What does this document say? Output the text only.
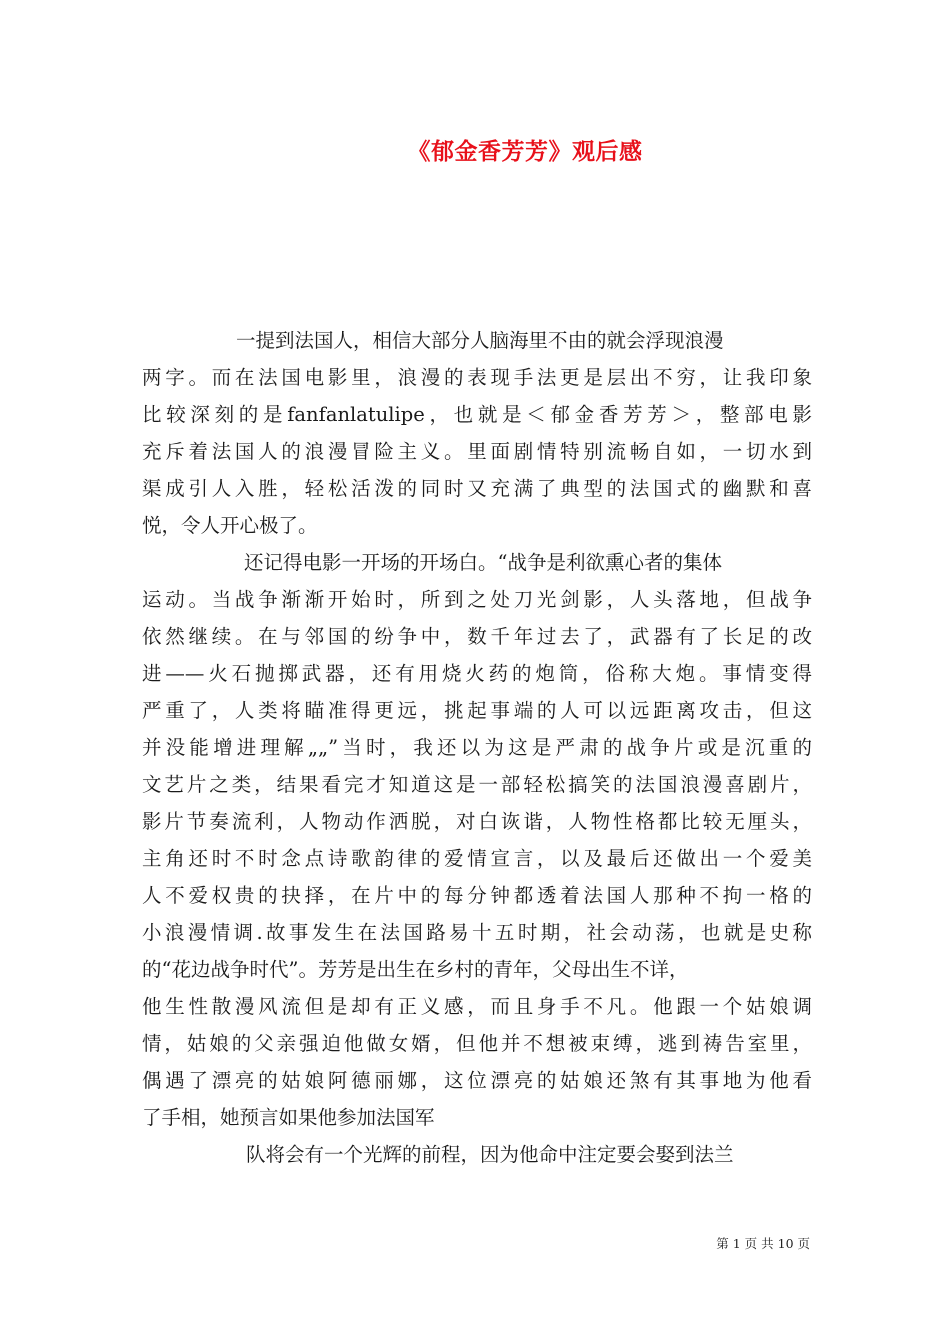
《郁金香芳芳》观后感
一提到法国人，相信大部分人脑海里不由的就会浮现浪漫
两字。而在法国电影里，浪漫的表现手法更是层出不穷，让我印象
比较深刻的是fanfanlatulipe，也就是＜郁金香芳芳＞，整部电影
充斥着法国人的浪漫冒险主义。里面剧情特别流畅自如，一切水到
渠成引人入胜，轻松活泼的同时又充满了典型的法国式的幽默和喜
悦，令人开心极了。
还记得电影一开场的开场白。“战争是利欲熏心者的集体
运动。当战争渐渐开始时，所到之处刀光剑影，人头落地，但战争
依然继续。在与邻国的纷争中，数千年过去了，武器有了长足的改
进——火石抛掷武器，还有用烧火药的炮筒，俗称大炮。事情变得
严重了，人类将瞄准得更远，挑起事端的人可以远距离攻击，但这
并没能增进理解„„”当时，我还以为这是严肃的战争片或是沉重的
文艺片之类，结果看完才知道这是一部轻松搞笑的法国浪漫喜剧片，
影片节奏流利，人物动作洒脱，对白诙谐，人物性格都比较无厘头，
主角还时不时念点诗歌韵律的爱情宣言，以及最后还做出一个爱美
人不爱权贵的抉择，在片中的每分钟都透着法国人那种不拘一格的
小浪漫情调.故事发生在法国路易十五时期，社会动荡，也就是史称
的“花边战争时代”。芳芳是出生在乡村的青年，父母出生不详，
他生性散漫风流但是却有正义感，而且身手不凡。他跟一个姑娘调
情，姑娘的父亲强迫他做女婿，但他并不想被束缚，逃到祷告室里，
偶遇了漂亮的姑娘阿德丽娜，这位漂亮的姑娘还煞有其事地为他看
了手相，她预言如果他参加法国军
队将会有一个光辉的前程，因为他命中注定要会娶到法兰
第 1 页 共 10 页
